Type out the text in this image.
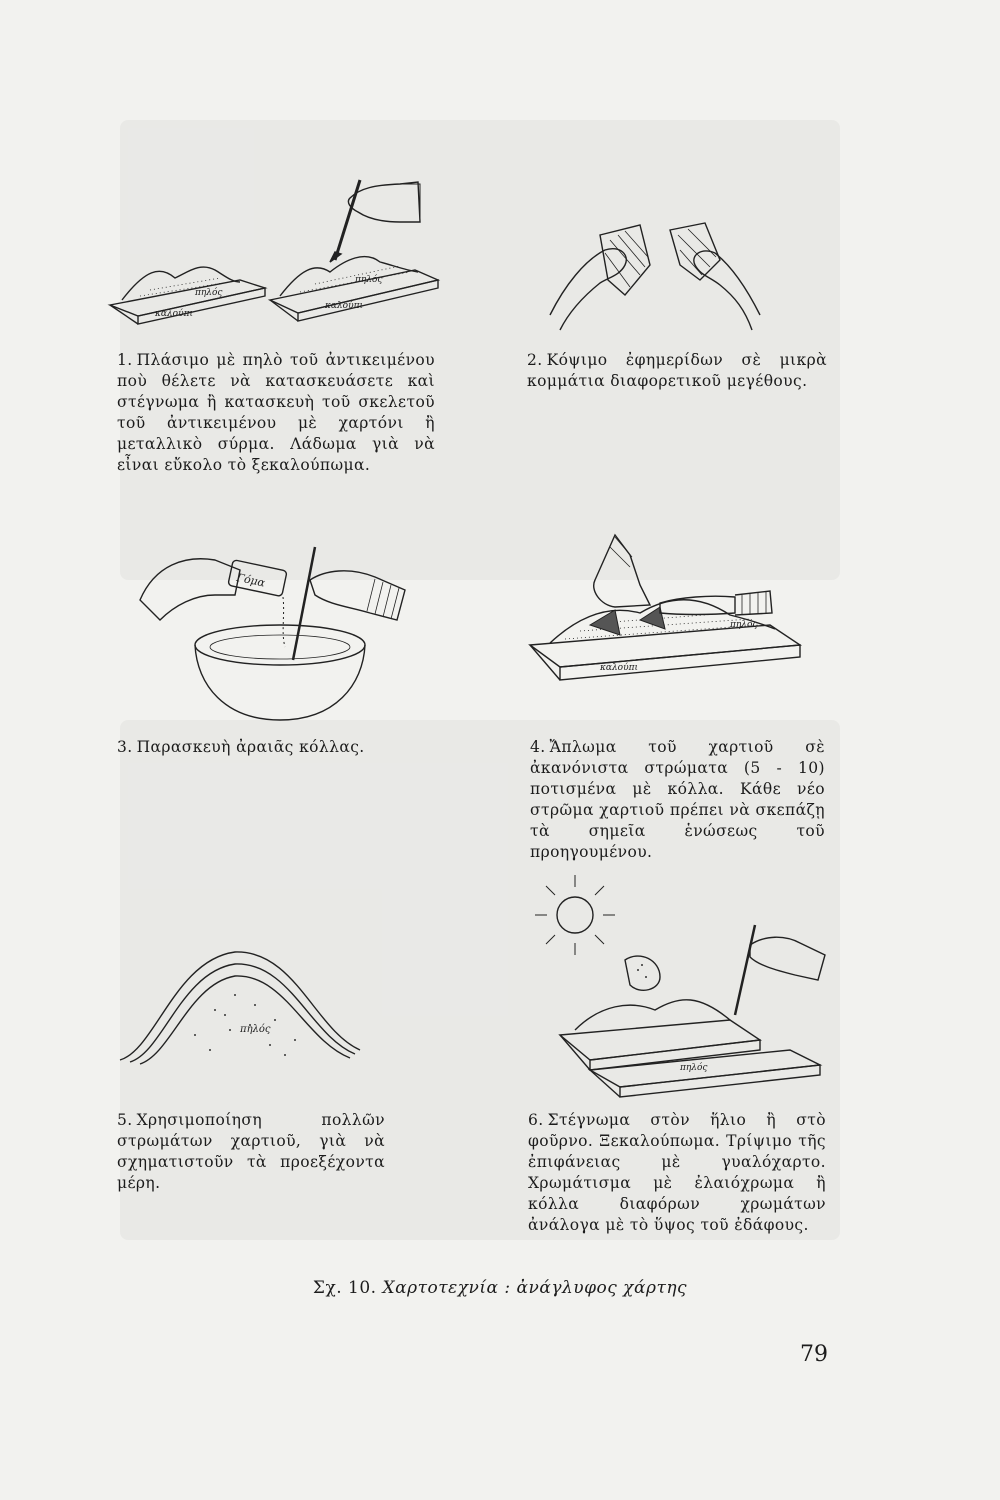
πηλός
καλούπι
πηλός
καλούπι
Γόμα
πηλός
καλούπι
πηλός
πηλός
1. Πλάσιμο μὲ πηλὸ τοῦ ἀντικειμένου ποὺ θέλετε νὰ κατασκευάσετε καὶ στέγνωμα ἢ κατασκευὴ τοῦ σκελετοῦ τοῦ ἀντικειμένου μὲ χαρτόνι ἢ μεταλλικὸ σύρμα. Λάδωμα γιὰ νὰ εἶναι εὔκολο τὸ ξεκαλούπωμα.
2. Κόψιμο ἐφημερίδων σὲ μικρὰ κομμάτια διαφορετικοῦ μεγέθους.
3. Παρασκευὴ ἀραιᾶς κόλλας.	4. Ἄπλωμα τοῦ χαρτιοῦ σὲ ἀκανόνιστα στρώματα (5 - 10) ποτισμένα μὲ κόλλα. Κάθε νέο στρῶμα χαρτιοῦ πρέπει νὰ σκεπάζῃ τὰ σημεῖα ἑνώσεως τοῦ προηγουμένου.
5. Χρησιμοποίηση πολλῶν στρωμάτων χαρτιοῦ, γιὰ νὰ σχηματιστοῦν τὰ προεξέχοντα μέρη.
6. Στέγνωμα στὸν ἥλιο ἢ στὸ φοῦρνο. Ξεκαλούπωμα. Τρίψιμο τῆς ἐπιφάνειας μὲ γυαλόχαρτο. Χρωμάτισμα μὲ ἐλαιόχρωμα ἢ κόλλα διαφόρων χρωμάτων ἀνάλογα μὲ τὸ ὕψος τοῦ ἐδάφους.
Σχ. 10. Χαρτοτεχνία : ἀνάγλυφος χάρτης
79
